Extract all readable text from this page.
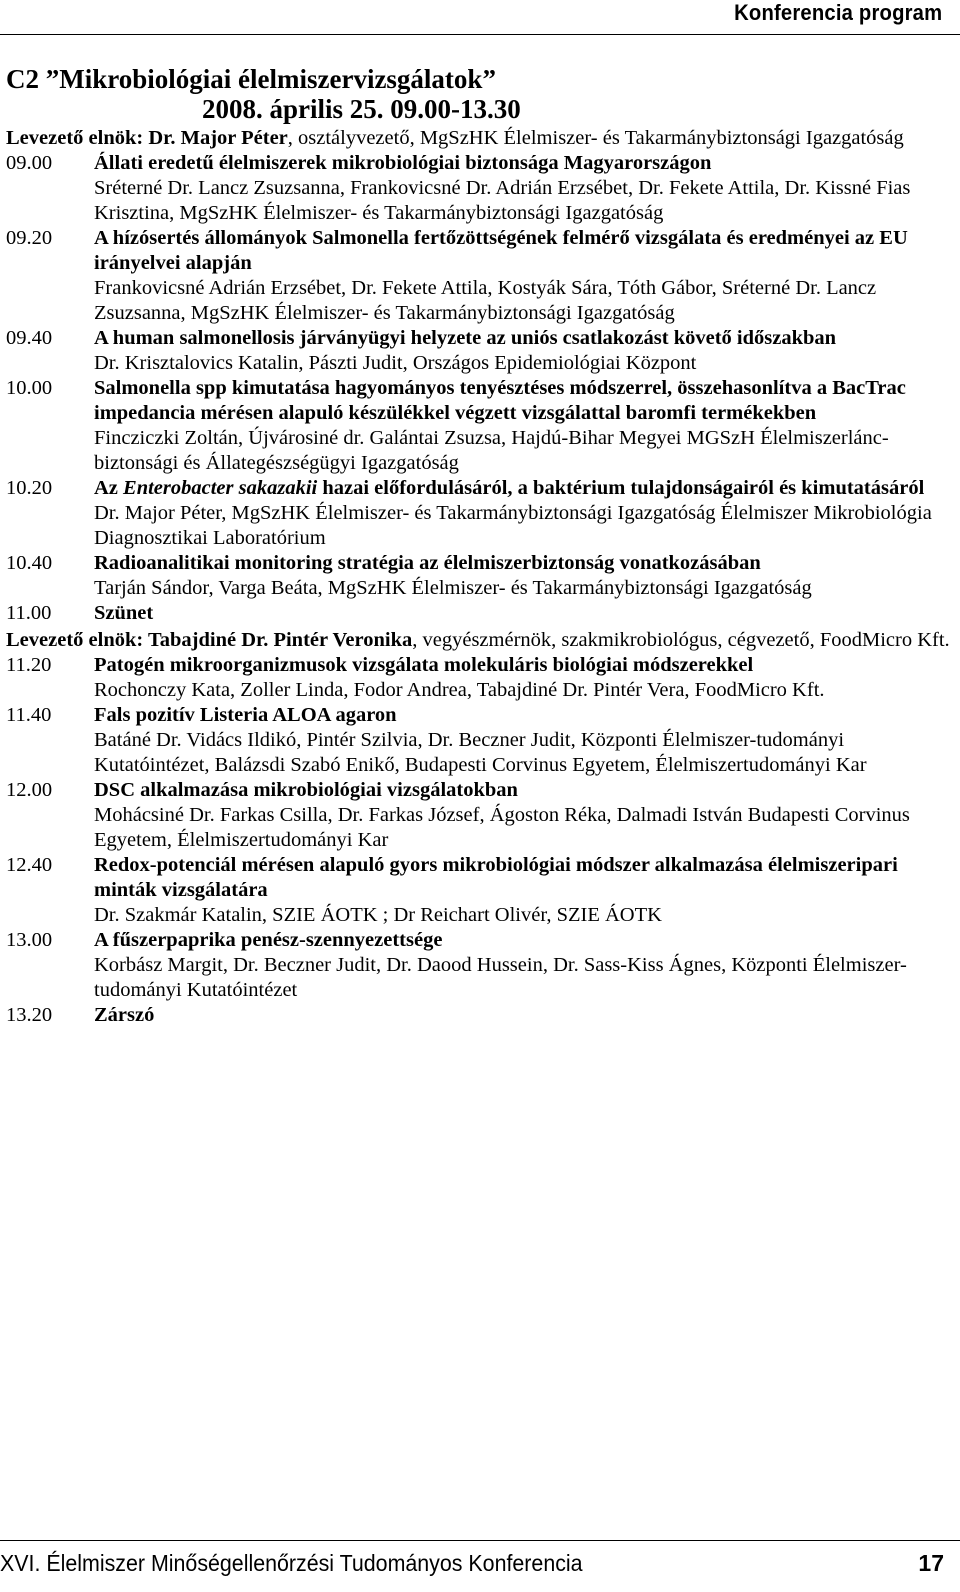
Konferencia program
C2 ”Mikrobiológiai élelmiszervizsgálatok”
2008. április 25. 09.00-13.30
Levezető elnök: Dr. Major Péter, osztályvezető, MgSzHK Élelmiszer- és Takarmánybiztonsági Igazgatóság
09.00	Állati eredetű élelmiszerek mikrobiológiai biztonsága Magyarországon
Sréterné Dr. Lancz Zsuzsanna, Frankovicsné Dr. Adrián Erzsébet, Dr. Fekete Attila, Dr. Kissné Fias Krisztina, MgSzHK Élelmiszer- és Takarmánybiztonsági Igazgatóság
09.20	A hízósertés állományok Salmonella fertőzöttségének felmérő vizsgálata és eredményei az EU irányelvei alapján
Frankovicsné Adrián Erzsébet, Dr. Fekete Attila, Kostyák Sára, Tóth Gábor, Sréterné Dr. Lancz Zsuzsanna, MgSzHK Élelmiszer- és Takarmánybiztonsági Igazgatóság
09.40	A human salmonellosis járványügyi helyzete az uniós csatlakozást követő időszakban
Dr. Krisztalovics Katalin, Pászti Judit, Országos Epidemiológiai Központ
10.00	Salmonella spp kimutatása hagyományos tenyésztéses módszerrel, összehasonlítva a BacTrac impedancia mérésen alapuló készülékkel végzett vizsgálattal baromfi termékekben
Fincziczki Zoltán, Újvárosiné dr. Galántai Zsuzsa, Hajdú-Bihar Megyei MGSzH Élelmiszerlánc-biztonsági és Állategészségügyi Igazgatóság
10.20	Az Enterobacter sakazakii hazai előfordulásáról, a baktérium tulajdonságairól és kimutatásáról
Dr. Major Péter, MgSzHK Élelmiszer- és Takarmánybiztonsági Igazgatóság Élelmiszer Mikrobiológia Diagnosztikai Laboratórium
10.40	Radioanalitikai monitoring stratégia az élelmiszerbiztonság vonatkozásában
Tarján Sándor, Varga Beáta, MgSzHK Élelmiszer- és Takarmánybiztonsági Igazgatóság
11.00	Szünet
Levezető elnök: Tabajdiné Dr. Pintér Veronika, vegyészmérnök, szakmikrobiológus, cégvezető, FoodMicro Kft.
11.20	Patogén mikroorganizmusok vizsgálata molekuláris biológiai módszerekkel
Rochonczy Kata, Zoller Linda, Fodor Andrea, Tabajdiné Dr. Pintér Vera, FoodMicro Kft.
11.40	Fals pozitív Listeria ALOA agaron
Batáné Dr. Vidács Ildikó, Pintér Szilvia, Dr. Beczner Judit, Központi Élelmiszer-tudományi Kutatóintézet, Balázsdi Szabó Enikő, Budapesti Corvinus Egyetem, Élelmiszertudományi Kar
12.00	DSC alkalmazása mikrobiológiai vizsgálatokban
Mohácsiné Dr. Farkas Csilla, Dr. Farkas József, Ágoston Réka, Dalmadi István Budapesti Corvinus Egyetem, Élelmiszertudományi Kar
12.40	Redox-potenciál mérésen alapuló gyors mikrobiológiai módszer alkalmazása élelmiszeripari minták vizsgálatára
Dr. Szakmár Katalin, SZIE ÁOTK ; Dr Reichart Olivér, SZIE ÁOTK
13.00	A fűszerpaprika penész-szennyezettsége
Korbász Margit, Dr. Beczner Judit, Dr. Daood Hussein, Dr. Sass-Kiss Ágnes, Központi Élelmiszer-tudományi Kutatóintézet
13.20	Zárszó
XVI. Élelmiszer Minőségellenőrzési Tudományos Konferencia	17
